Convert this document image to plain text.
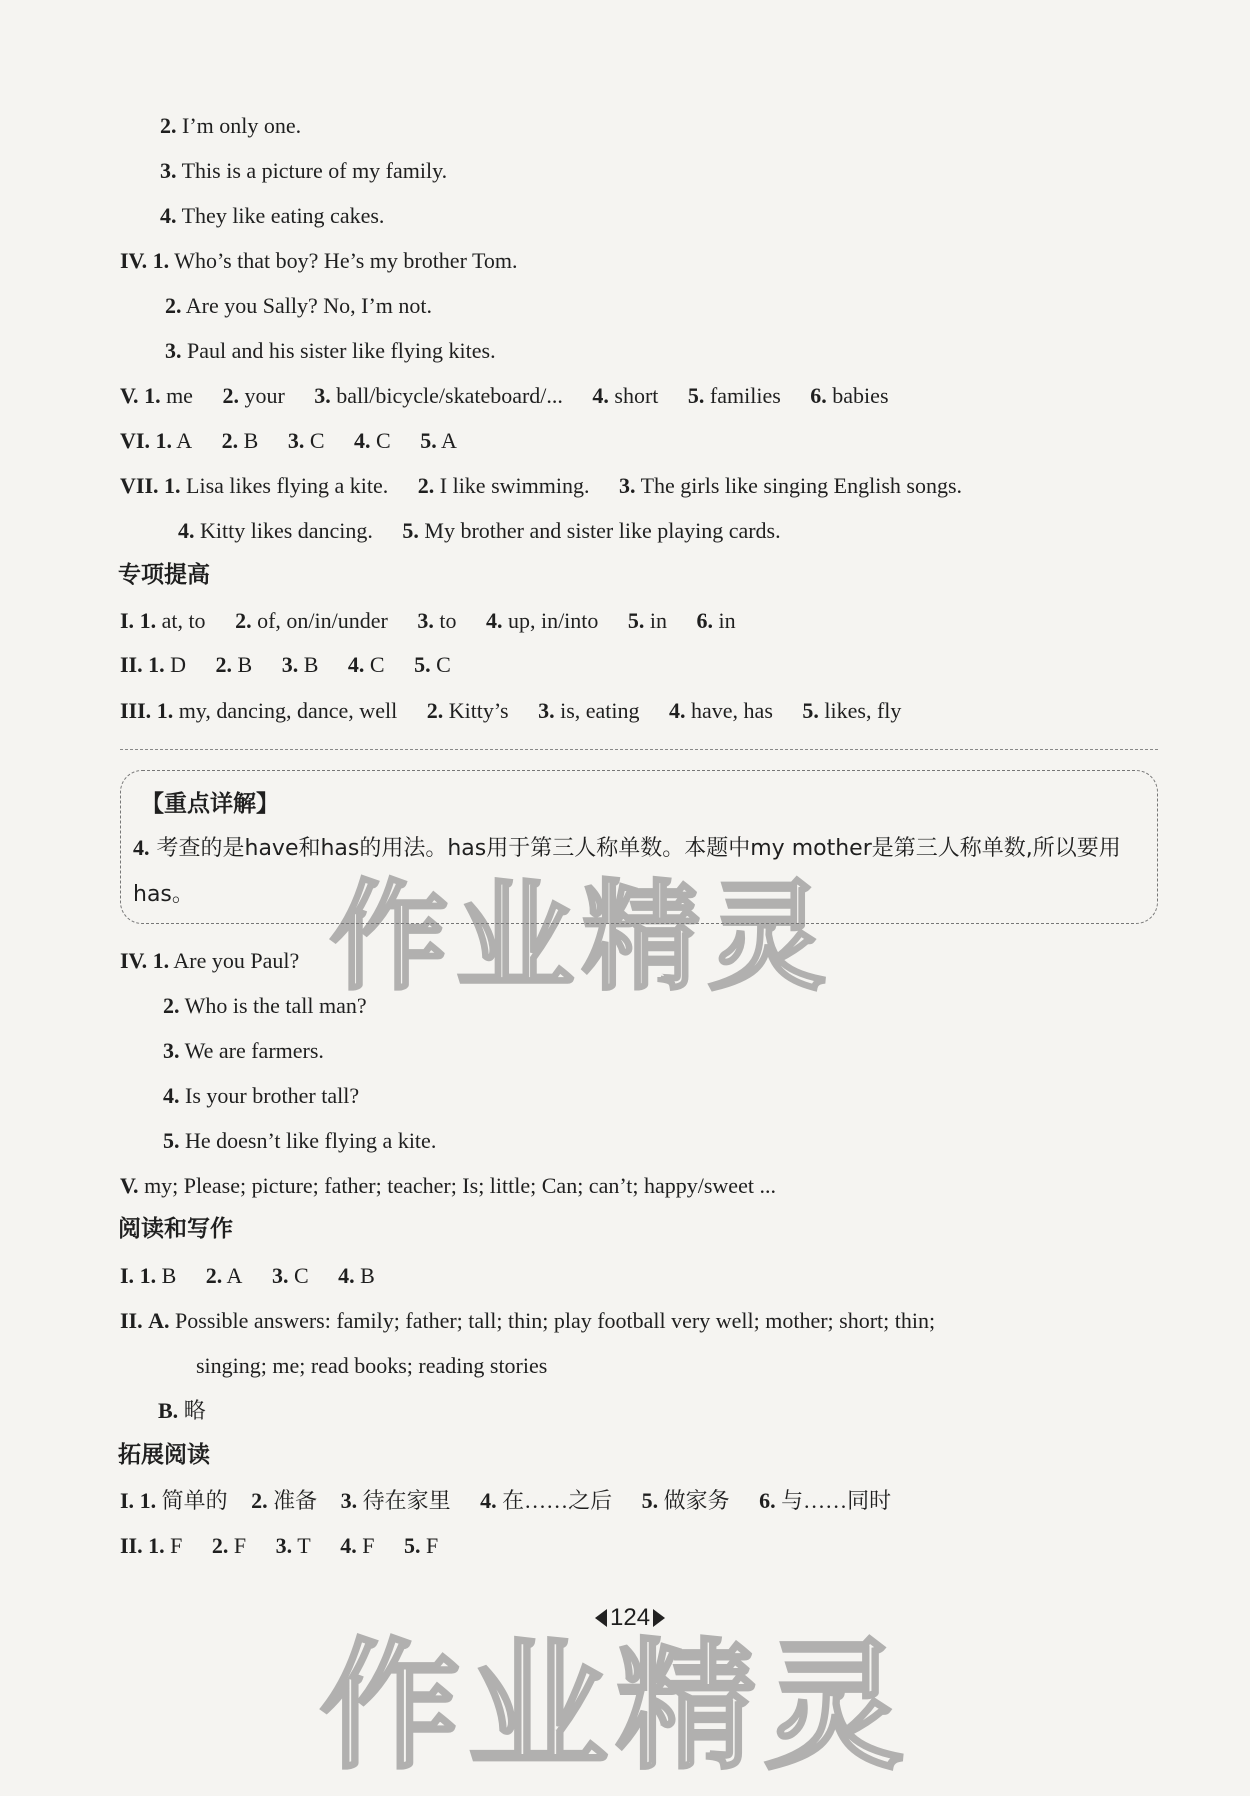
2. I’m only one.
3. This is a picture of my family.
4. They like eating cakes.
IV. 1. Who’s that boy? He’s my brother Tom.
2. Are you Sally? No, I’m not.
3. Paul and his sister like flying kites.
V. 1. me 2. your 3. ball/bicycle/skateboard/... 4. short 5. families 6. babies
VI. 1. A 2. B 3. C 4. C 5. A
VII. 1. Lisa likes flying a kite. 2. I like swimming. 3. The girls like singing English songs.
4. Kitty likes dancing. 5. My brother and sister like playing cards.
专项提高
I. 1. at, to 2. of, on/in/under 3. to 4. up, in/into 5. in 6. in
II. 1. D 2. B 3. B 4. C 5. C
III. 1. my, dancing, dance, well 2. Kitty’s 3. is, eating 4. have, has 5. likes, fly
【重点详解】
4. 考查的是have和has的用法。has用于第三人称单数。本题中my mother是第三人称单数,所以要用has。
IV. 1. Are you Paul?
2. Who is the tall man?
3. We are farmers.
4. Is your brother tall?
5. He doesn’t like flying a kite.
V. my; Please; picture; father; teacher; Is; little; Can; can’t; happy/sweet ...
阅读和写作
I. 1. B 2. A 3. C 4. B
II. A. Possible answers: family; father; tall; thin; play football very well; mother; short; thin;
singing; me; read books; reading stories
B. 略
拓展阅读
I. 1. 简单的 2. 准备 3. 待在家里 4. 在……之后 5. 做家务 6. 与……同时
II. 1. F 2. F 3. T 4. F 5. F
作业精灵
作业精灵
124
